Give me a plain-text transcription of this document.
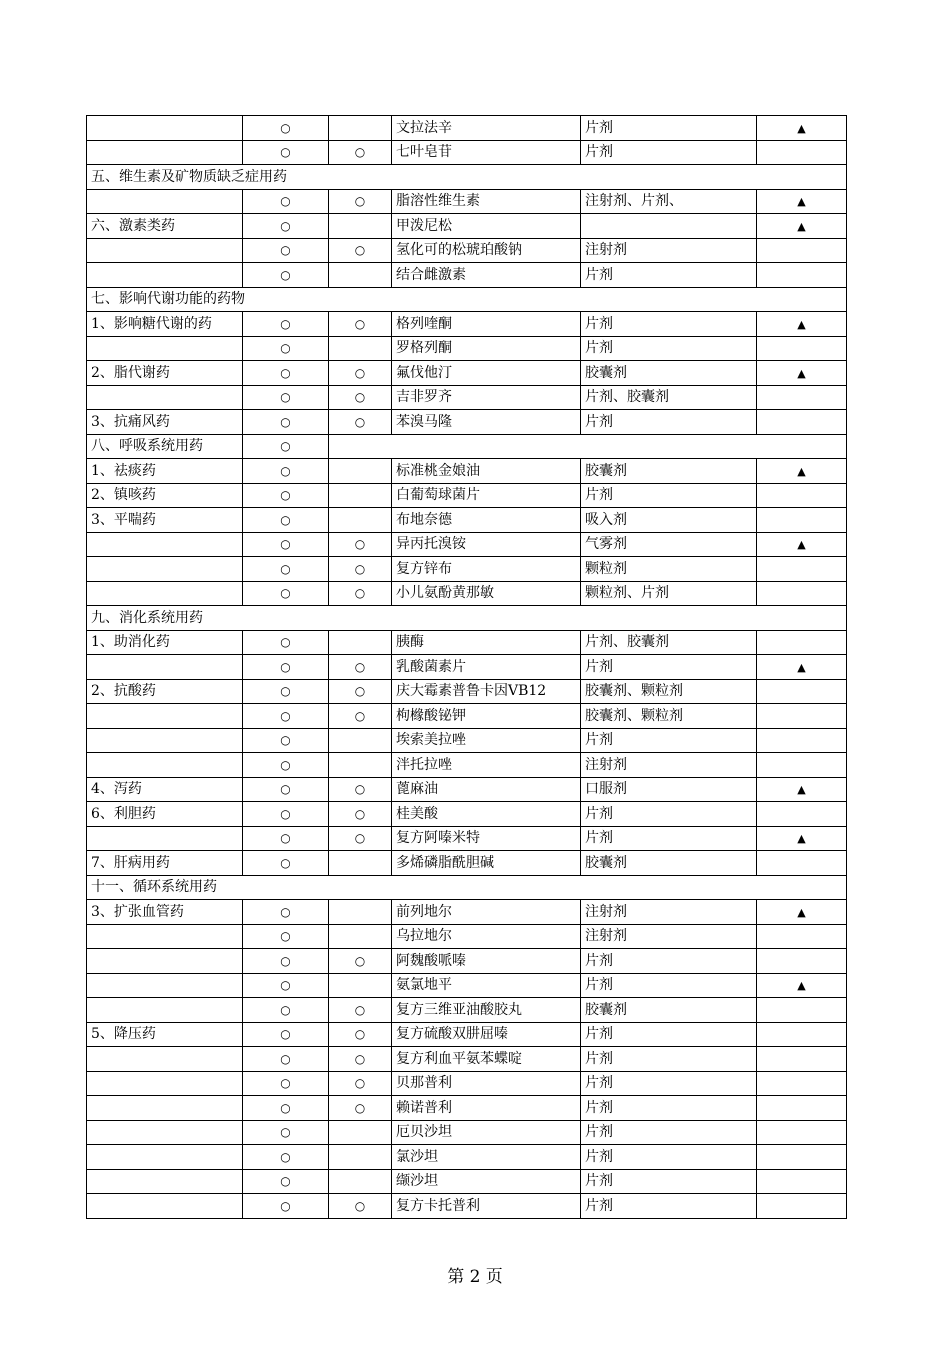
	○		文拉法辛	片剂	▲
	○	○	七叶皂苷	片剂	
五、维生素及矿物质缺乏症用药					
	○	○	脂溶性维生素	注射剂、片剂、	▲
六、激素类药	○		甲泼尼松		▲
	○	○	氢化可的松琥珀酸钠	注射剂	
	○		结合雌激素	片剂	
七、影响代谢功能的药物					
1、影响糖代谢的药	○	○	格列喹酮	片剂	▲
	○		罗格列酮	片剂	
2、脂代谢药	○	○	氟伐他汀	胶囊剂	▲
	○	○	吉非罗齐	片剂、胶囊剂	
3、抗痛风药	○	○	苯溴马隆	片剂	
八、呼吸系统用药	○				
1、祛痰药	○		标准桃金娘油	胶囊剂	▲
2、镇咳药	○		白葡萄球菌片	片剂	
3、平喘药	○		布地奈德	吸入剂	
	○	○	异丙托溴铵	气雾剂	▲
	○	○	复方锌布	颗粒剂	
	○	○	小儿氨酚黄那敏	颗粒剂、片剂	
九、消化系统用药					
1、助消化药	○		胰酶	片剂、胶囊剂	
	○	○	乳酸菌素片	片剂	▲
2、抗酸药	○	○	庆大霉素普鲁卡因VB12	胶囊剂、颗粒剂	
	○	○	枸橼酸铋钾	胶囊剂、颗粒剂	
	○		埃索美拉唑	片剂	
	○		泮托拉唑	注射剂	
4、泻药	○	○	蓖麻油	口服剂	▲
6、利胆药	○	○	桂美酸	片剂	
	○	○	复方阿嗪米特	片剂	▲
7、肝病用药	○		多烯磷脂酰胆碱	胶囊剂	
十一、循环系统用药					
3、扩张血管药	○		前列地尔	注射剂	▲
	○		乌拉地尔	注射剂	
	○	○	阿魏酸哌嗪	片剂	
	○		氨氯地平	片剂	▲
	○	○	复方三维亚油酸胶丸	胶囊剂	
5、降压药	○	○	复方硫酸双肼屈嗪	片剂	
	○	○	复方利血平氨苯蝶啶	片剂	
	○	○	贝那普利	片剂	
	○	○	赖诺普利	片剂	
	○		厄贝沙坦	片剂	
	○		氯沙坦	片剂	
	○		缬沙坦	片剂	
	○	○	复方卡托普利	片剂	
第 2 页
